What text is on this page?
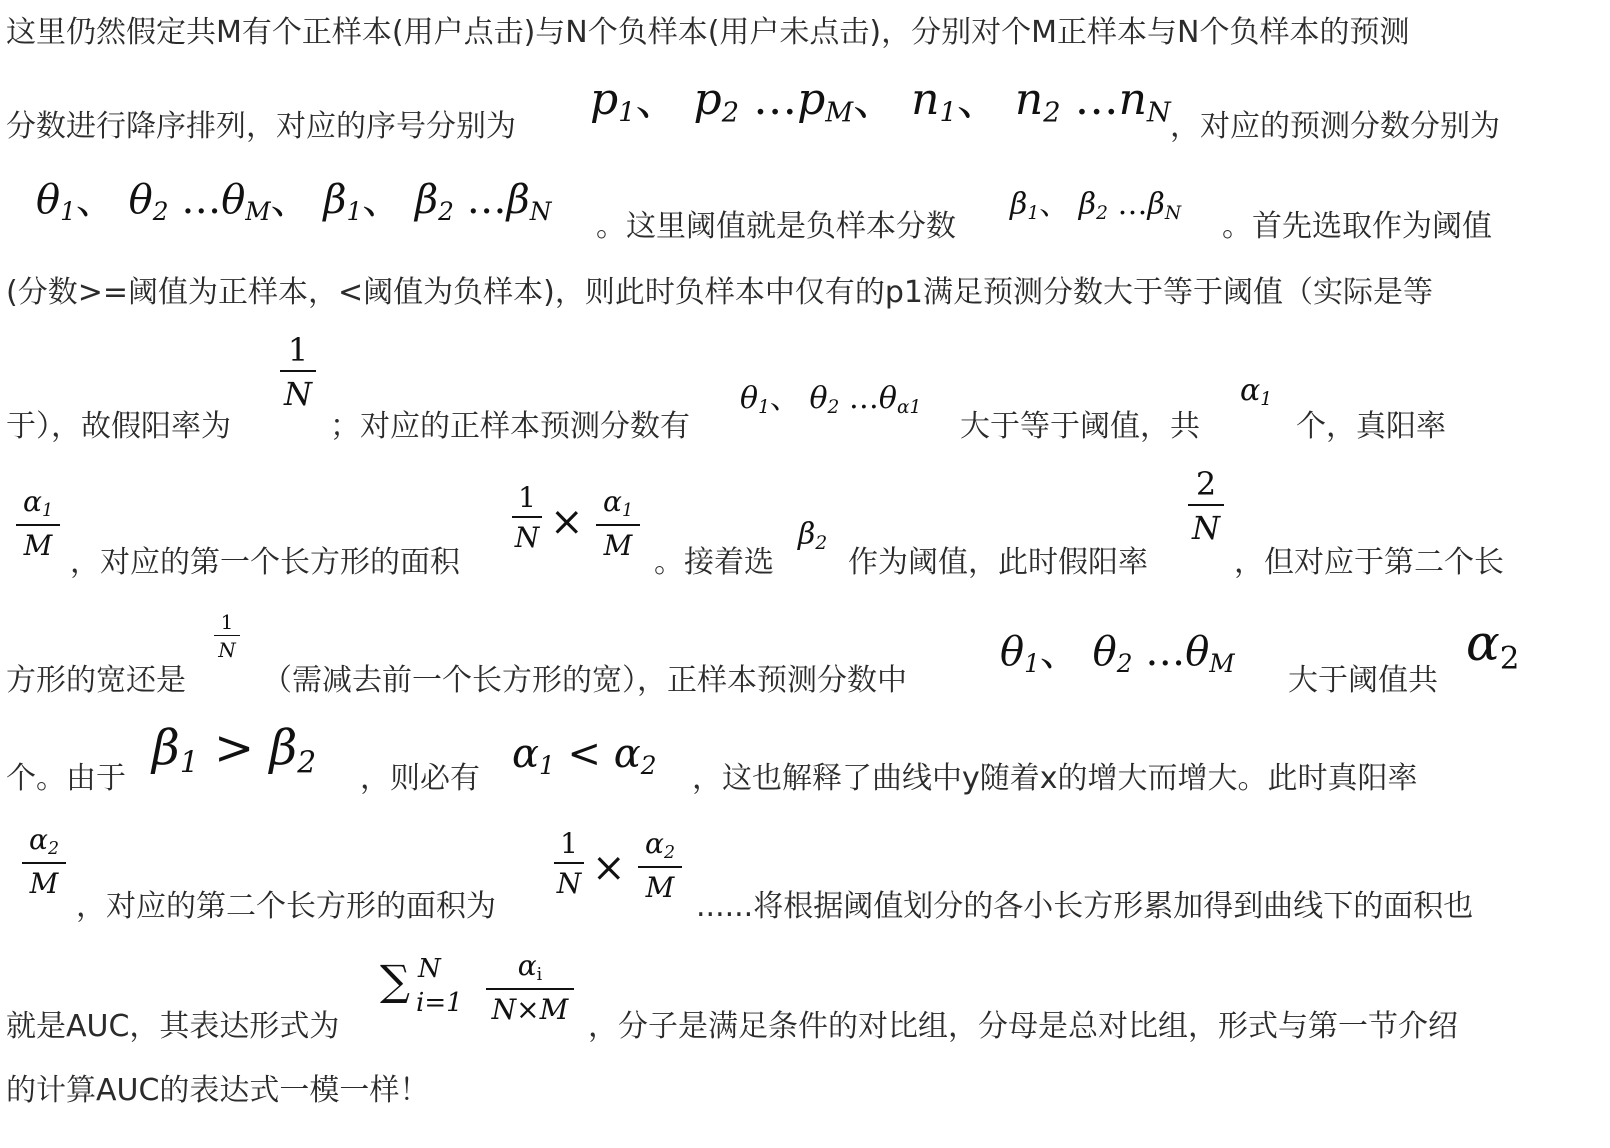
这里仍然假定共M有个正样本(用户点击)与N个负样本(用户未点击)，分别对个M正样本与N个负样本的预测
分数进行降序排列，对应的序号分别为
$p_1$、 $p_2$ $\dots p_M$、 $n_1$、 $n_2$ $\dots n_N$ ，对应的预测分数分别为
$\theta_1$、 $\theta_2$ $\dots\theta_M$、 $\beta_1$、 $\beta_2$ $\dots\beta_N$ 。这里阈值就是负样本分数
$\beta_1$、 $\beta_2$ $\dots\beta_N$ 。首先选取作为阈值
(分数>=阈值为正样本，<阈值为负样本)，则此时负样本中仅有的p1满足预测分数大于等于阈值（实际是等
于），故假阳率为
1
N
；对应的正样本预测分数有
$\theta_1$、 $\theta_2$ $\dots\theta_{\alpha 1}$
大于等于阈值，共
$\alpha_1$
个，真阳率
$\alpha_1$
M ，对应的第一个长方形的面积
1
$N \times \alpha_1$
M 。接着选
$\beta_2$
作为阈值，此时假阳率
2
N
，但对应于第二个长
方形的宽还是
1
N
（需减去前一个长方形的宽），正样本预测分数中
$\theta_1$、 $\theta_2$ $\dots\theta_M$ 大于阈值共
$\alpha_2$
个。由于
$\beta_1 > \beta_2$ ，则必有
$\alpha_1 < \alpha_2$ ，这也解释了曲线中y随着x的增大而增大。此时真阳率
$\alpha_2$
M
，对应的第二个长方形的面积为
1
N ×
$\alpha_2$
M
......将根据阈值划分的各小长方形累加得到曲线下的面积也
就是AUC，其表达形式为
∑ N
i=1
$\alpha_i$
N×M ，分子是满足条件的对比组，分母是总对比组，形式与第一节介绍
的计算AUC的表达式一模一样！
